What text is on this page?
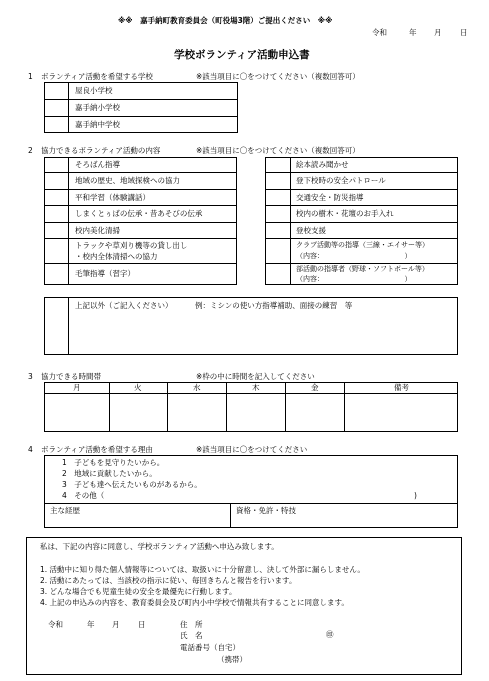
※※　嘉手納町教育委員会（町役場3階）ご提出ください　※※
令和	年 月 日
学校ボランティア活動申込書
1 ボランティア活動を希望する学校	※該当項目に〇をつけてください（複数回答可）
屋良小学校
嘉手納小学校
嘉手納中学校
2 協力できるボランティア活動の内容	※該当項目に〇をつけてください（複数回答可）
そろばん指導
地域の歴史、地域探検への協力
平和学習（体験講話）
しまくとぅばの伝承・昔あそびの伝承
校内美化清掃
トラックや草刈り機等の貸し出し
・校内全体清掃への協力
毛筆指導（習字）
絵本読み聞かせ
登下校時の安全パトロール
交通安全・防災指導
校内の樹木・花壇のお手入れ
登校支援
クラブ活動等の指導（三線・エイサー等）
（内容：　　　　　　　　　　　　）
部活動の指導者（野球・ソフトボール等）
（内容：　　　　　　　　　　　　）
上記以外（ご記入ください）	例：ミシンの使い方指導補助、面接の練習　等
3 協力できる時間帯	※枠の中に時間を記入してください
月	火	水	木	金	備考
4 ボランティア活動を希望する理由	※該当項目に〇をつけてください
1　子どもを見守りたいから。
2　地域に貢献したいから。
3　子ども達へ伝えたいものがあるから。
4　その他（	)
主な経歴	資格・免許・特技
私は、下記の内容に同意し、学校ボランティア活動へ申込み致します。
1. 活動中に知り得た個人情報等については、取扱いに十分留意し、決して外部に漏らしません。
2. 活動にあたっては、当該校の指示に従い、毎回きちんと報告を行います。
3. どんな場合でも児童生徒の安全を最優先に行動します。
4. 上記の申込みの内容を、教育委員会及び町内小中学校で情報共有することに同意します。
令和	年 月 日	住　所
氏　名	㊞
電話番号（自宅）
（携帯）
